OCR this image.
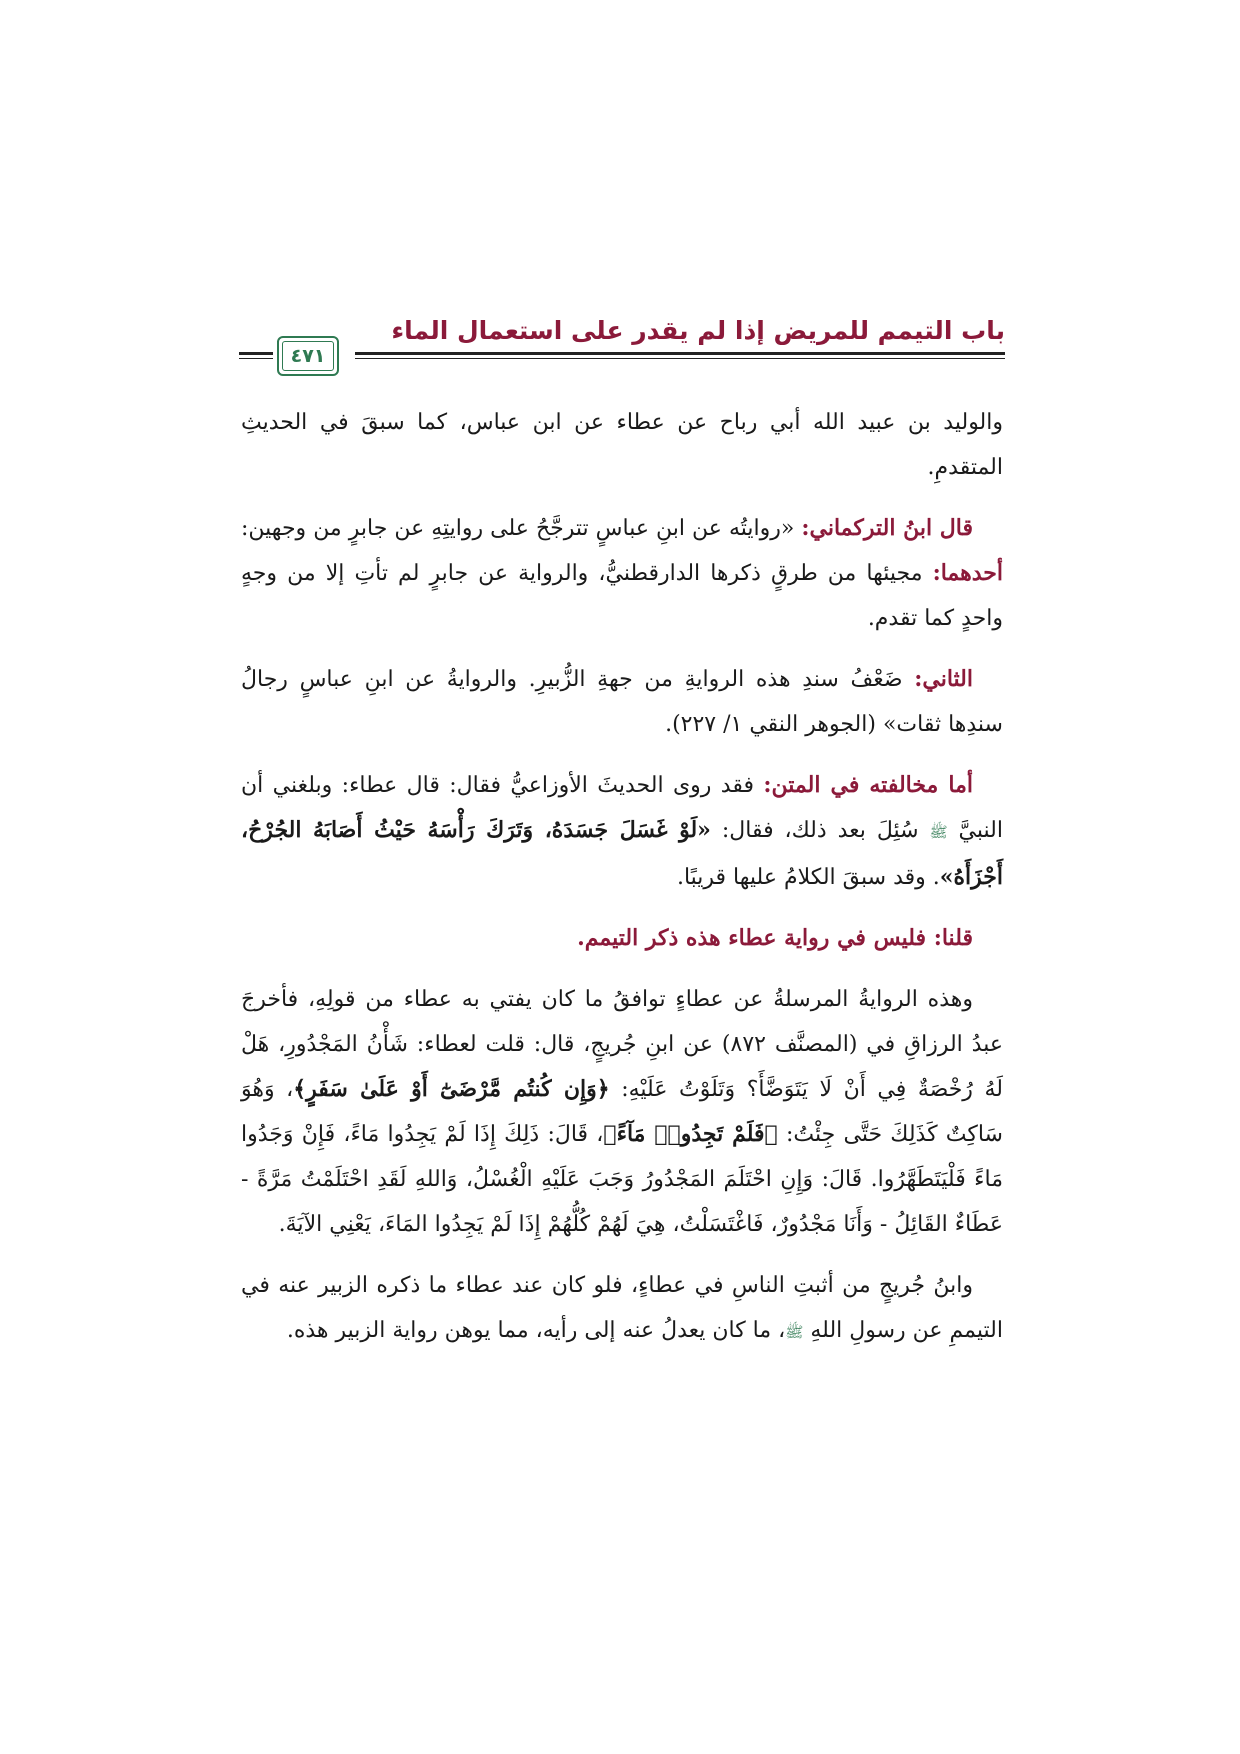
باب التيمم للمريض إذا لم يقدر على استعمال الماء
٤٧١

والوليد بن عبيد الله أبي رباح عن عطاء عن ابن عباس، كما سبقَ في الحديثِ المتقدمِ.

قال ابنُ التركماني: «روايتُه عن ابنِ عباسٍ تترجَّحُ على روايتِهِ عن جابرٍ من وجهين: أحدهما: مجيئها من طرقٍ ذكرها الدارقطنيُّ، والرواية عن جابرٍ لم تأتِ إلا من وجهٍ واحدٍ كما تقدم.

الثاني: ضَعْفُ سندِ هذه الروايةِ من جهةِ الزُّبيرِ. والروايةُ عن ابنِ عباسٍ رجالُ سندِها ثقات» (الجوهر النقي ١/ ٢٢٧).

أما مخالفته في المتن: فقد روى الحديثَ الأوزاعيُّ فقال: قال عطاء: وبلغني أن النبيَّ ﷺ سُئِلَ بعد ذلك، فقال: «لَوْ غَسَلَ جَسَدَهُ، وَتَرَكَ رَأْسَهُ حَيْثُ أَصَابَهُ الجُرْحُ، أَجْزَأَهُ». وقد سبقَ الكلامُ عليها قريبًا.

قلنا: فليس في رواية عطاء هذه ذكر التيمم.

وهذه الروايةُ المرسلةُ عن عطاءٍ توافقُ ما كان يفتي به عطاء من قولِهِ، فأخرجَ عبدُ الرزاقِ في (المصنَّف ٨٧٢) عن ابنِ جُريجٍ، قال: قلت لعطاء: شَأْنُ المَجْدُورِ، هَلْ لَهُ رُخْصَةٌ فِي أَنْ لَا يَتَوَضَّأَ؟ وَتَلَوْتُ عَلَيْهِ: ﴿وَإِن كُنتُم مَّرْضَىٰٓ أَوْ عَلَىٰ سَفَرٍ﴾، وَهُوَ سَاكِتٌ كَذَلِكَ حَتَّى جِئْتُ: ﴿فَلَمْ تَجِدُوا۟ مَآءً﴾، قَالَ: ذَلِكَ إِذَا لَمْ يَجِدُوا مَاءً، فَإِنْ وَجَدُوا مَاءً فَلْيَتَطَهَّرُوا. قَالَ: وَإِنِ احْتَلَمَ المَجْدُورُ وَجَبَ عَلَيْهِ الْغُسْلُ، وَاللهِ لَقَدِ احْتَلَمْتُ مَرَّةً - عَطَاءٌ القَائِلُ - وَأَنَا مَجْدُورٌ، فَاغْتَسَلْتُ، هِيَ لَهُمْ كُلُّهُمْ إِذَا لَمْ يَجِدُوا المَاءَ، يَعْنِي الآيَةَ.

وابنُ جُريجٍ من أثبتِ الناسِ في عطاءٍ، فلو كان عند عطاء ما ذكره الزبير عنه في التيممِ عن رسولِ اللهِ ﷺ، ما كان يعدلُ عنه إلى رأيه، مما يوهن رواية الزبير هذه.
